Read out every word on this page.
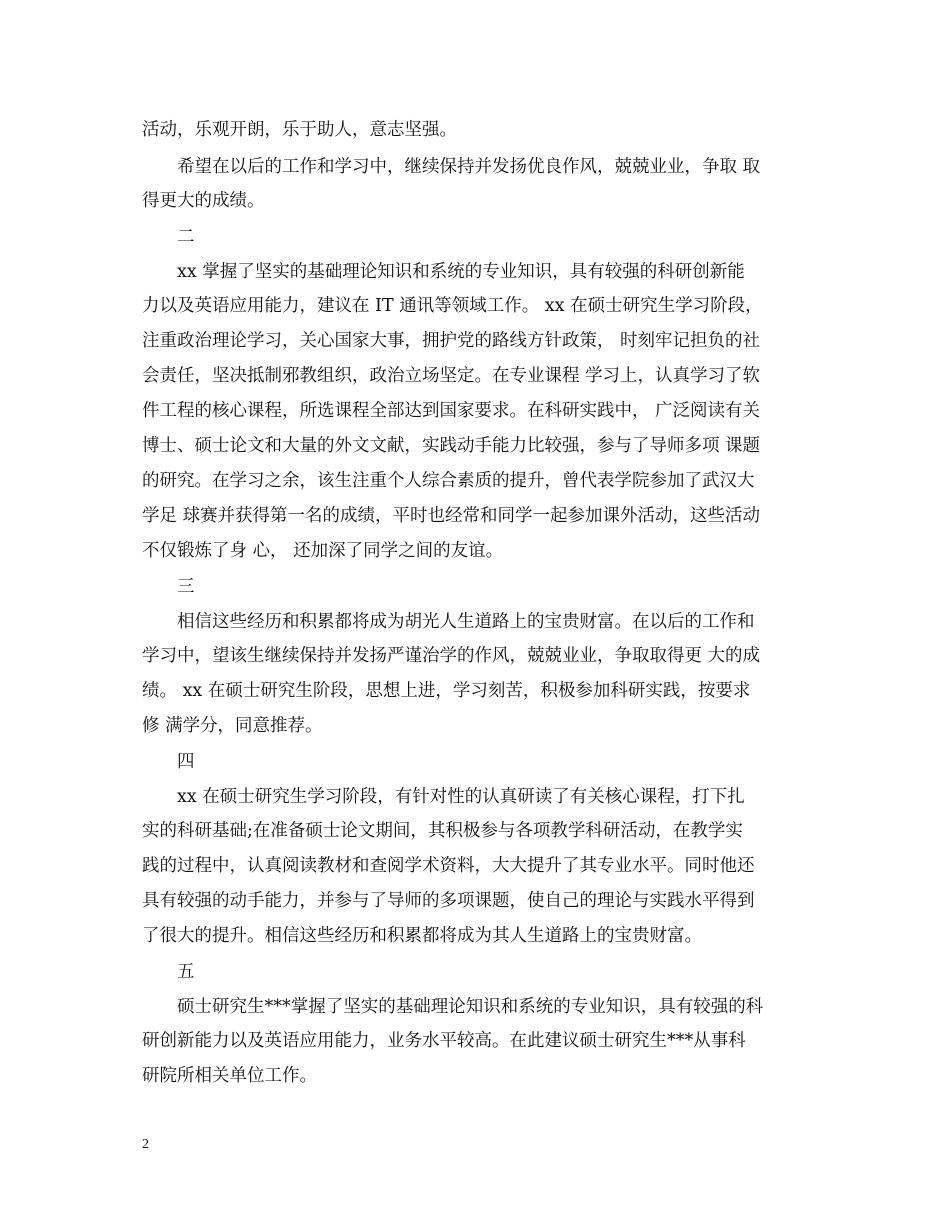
活动，乐观开朗，乐于助人，意志坚强。
希望在以后的工作和学习中，继续保持并发扬优良作风，兢兢业业，争取 取
得更大的成绩。
二
xx 掌握了坚实的基础理论知识和系统的专业知识，具有较强的科研创新能
力以及英语应用能力，建议在 IT 通讯等领域工作。 xx 在硕士研究生学习阶段，
注重政治理论学习，关心国家大事，拥护党的路线方针政策， 时刻牢记担负的社
会责任，坚决抵制邪教组织，政治立场坚定。在专业课程 学习上，认真学习了软
件工程的核心课程，所选课程全部达到国家要求。在科研实践中， 广泛阅读有关
博士、硕士论文和大量的外文文献，实践动手能力比较强，参与了导师多项 课题
的研究。在学习之余，该生注重个人综合素质的提升，曾代表学院参加了武汉大
学足 球赛并获得第一名的成绩，平时也经常和同学一起参加课外活动，这些活动
不仅锻炼了身 心， 还加深了同学之间的友谊。
三
相信这些经历和积累都将成为胡光人生道路上的宝贵财富。在以后的工作和
学习中，望该生继续保持并发扬严谨治学的作风，兢兢业业，争取取得更 大的成
绩。 xx 在硕士研究生阶段，思想上进，学习刻苦，积极参加科研实践，按要求
修 满学分，同意推荐。
四
xx 在硕士研究生学习阶段，有针对性的认真研读了有关核心课程，打下扎
实的科研基础;在准备硕士论文期间，其积极参与各项教学科研活动，在教学实
践的过程中，认真阅读教材和查阅学术资料，大大提升了其专业水平。同时他还
具有较强的动手能力，并参与了导师的多项课题，使自己的理论与实践水平得到
了很大的提升。相信这些经历和积累都将成为其人生道路上的宝贵财富。
五
硕士研究生***掌握了坚实的基础理论知识和系统的专业知识，具有较强的科
研创新能力以及英语应用能力，业务水平较高。在此建议硕士研究生***从事科
研院所相关单位工作。
2
